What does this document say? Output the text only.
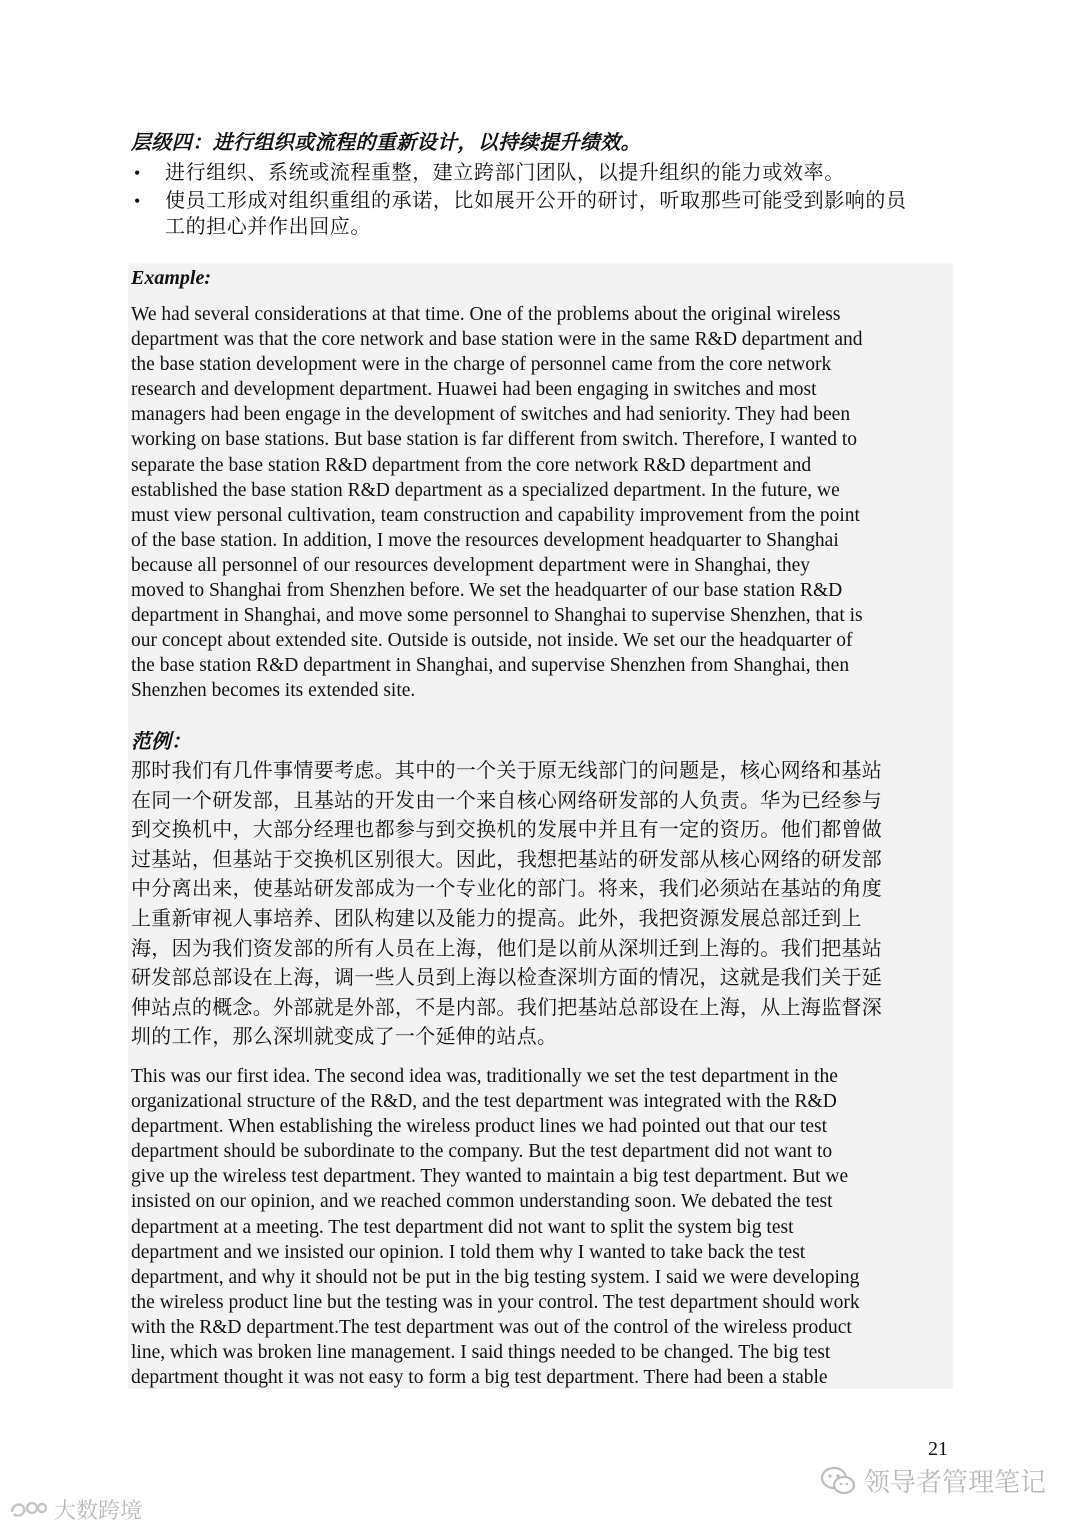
层级四：进行组织或流程的重新设计，以持续提升绩效。
• 进行组织、系统或流程重整，建立跨部门团队，以提升组织的能力或效率。
• 使员工形成对组织重组的承诺，比如展开公开的研讨，听取那些可能受到影响的员
工的担心并作出回应。
Example:
We had several considerations at that time. One of the problems about the original wireless
department was that the core network and base station were in the same R&D department and
the base station development were in the charge of personnel came from the core network
research and development department. Huawei had been engaging in switches and most
managers had been engage in the development of switches and had seniority. They had been
working on base stations. But base station is far different from switch. Therefore, I wanted to
separate the base station R&D department from the core network R&D department and
established the base station R&D department as a specialized department. In the future, we
must view personal cultivation, team construction and capability improvement from the point
of the base station. In addition, I move the resources development headquarter to Shanghai
because all personnel of our resources development department were in Shanghai, they
moved to Shanghai from Shenzhen before. We set the headquarter of our base station R&D
department in Shanghai, and move some personnel to Shanghai to supervise Shenzhen, that is
our concept about extended site. Outside is outside, not inside. We set our the headquarter of
the base station R&D department in Shanghai, and supervise Shenzhen from Shanghai, then
Shenzhen becomes its extended site.
范例：
那时我们有几件事情要考虑。其中的一个关于原无线部门的问题是，核心网络和基站
在同一个研发部，且基站的开发由一个来自核心网络研发部的人负责。华为已经参与
到交换机中，大部分经理也都参与到交换机的发展中并且有一定的资历。他们都曾做
过基站，但基站于交换机区别很大。因此，我想把基站的研发部从核心网络的研发部
中分离出来，使基站研发部成为一个专业化的部门。将来，我们必须站在基站的角度
上重新审视人事培养、团队构建以及能力的提高。此外，我把资源发展总部迁到上
海，因为我们资发部的所有人员在上海，他们是以前从深圳迁到上海的。我们把基站
研发部总部设在上海，调一些人员到上海以检查深圳方面的情况，这就是我们关于延
伸站点的概念。外部就是外部，不是内部。我们把基站总部设在上海，从上海监督深
圳的工作，那么深圳就变成了一个延伸的站点。
This was our first idea. The second idea was, traditionally we set the test department in the
organizational structure of the R&D, and the test department was integrated with the R&D
department. When establishing the wireless product lines we had pointed out that our test
department should be subordinate to the company. But the test department did not want to
give up the wireless test department. They wanted to maintain a big test department. But we
insisted on our opinion, and we reached common understanding soon. We debated the test
department at a meeting. The test department did not want to split the system big test
department and we insisted our opinion. I told them why I wanted to take back the test
department, and why it should not be put in the big testing system. I said we were developing
the wireless product line but the testing was in your control. The test department should work
with the R&D department.The test department was out of the control of the wireless product
line, which was broken line management. I said things needed to be changed. The big test
department thought it was not easy to form a big test department. There had been a stable
21
领导者管理笔记
大数跨境
